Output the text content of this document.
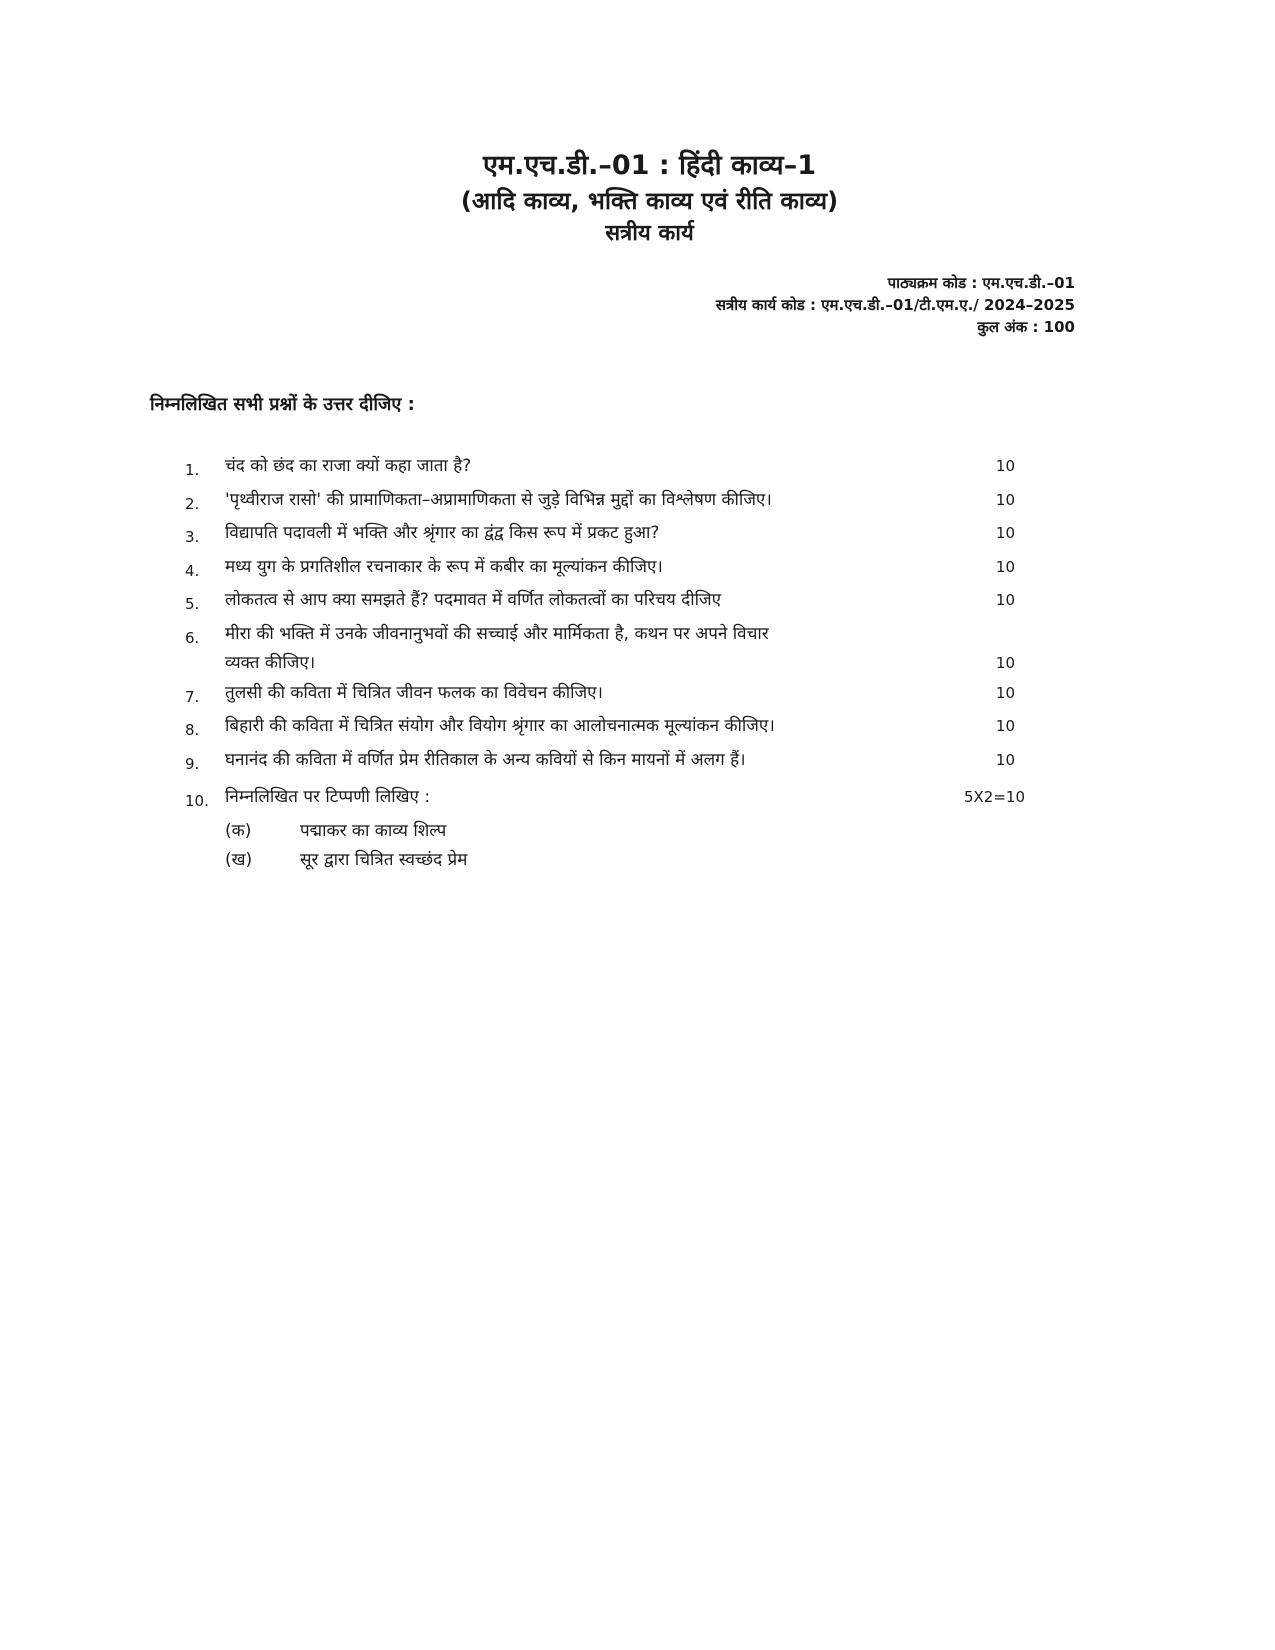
एम.एच.डी.–01 : हिंदी काव्य–1
(आदि काव्य, भक्ति काव्य एवं रीति काव्य)
सत्रीय कार्य
पाठ्यक्रम कोड : एम.एच.डी.–01
सत्रीय कार्य कोड : एम.एच.डी.–01/टी.एम.ए./ 2024–2025
कुल अंक : 100
निम्नलिखित सभी प्रश्नों के उत्तर दीजिए :
1.	चंद को छंद का राजा क्यों कहा जाता है?	10
2.	'पृथ्वीराज रासो' की प्रामाणिकता–अप्रामाणिकता से जुड़े विभिन्न मुद्दों का विश्लेषण कीजिए।	10
3.	विद्यापति पदावली में भक्ति और श्रृंगार का द्वंद्व किस रूप में प्रकट हुआ?	10
4.	मध्य युग के प्रगतिशील रचनाकार के रूप में कबीर का मूल्यांकन कीजिए।	10
5.	लोकतत्व से आप क्या समझते हैं? पदमावत में वर्णित लोकतत्वों का परिचय दीजिए	10
6.	मीरा की भक्ति में उनके जीवनानुभवों की सच्चाई और मार्मिकता है, कथन पर अपने विचार
व्यक्त कीजिए।	10
7.	तुलसी की कविता में चित्रित जीवन फलक का विवेचन कीजिए।	10
8.	बिहारी की कविता में चित्रित संयोग और वियोग श्रृंगार का आलोचनात्मक मूल्यांकन कीजिए।	10
9.	घनानंद की कविता में वर्णित प्रेम रीतिकाल के अन्य कवियों से किन मायनों में अलग हैं।	10
10. निम्नलिखित पर टिप्पणी लिखिए :	5X2=10
(क)	पद्माकर का काव्य शिल्प
(ख)	सूर द्वारा चित्रित स्वच्छंद प्रेम
